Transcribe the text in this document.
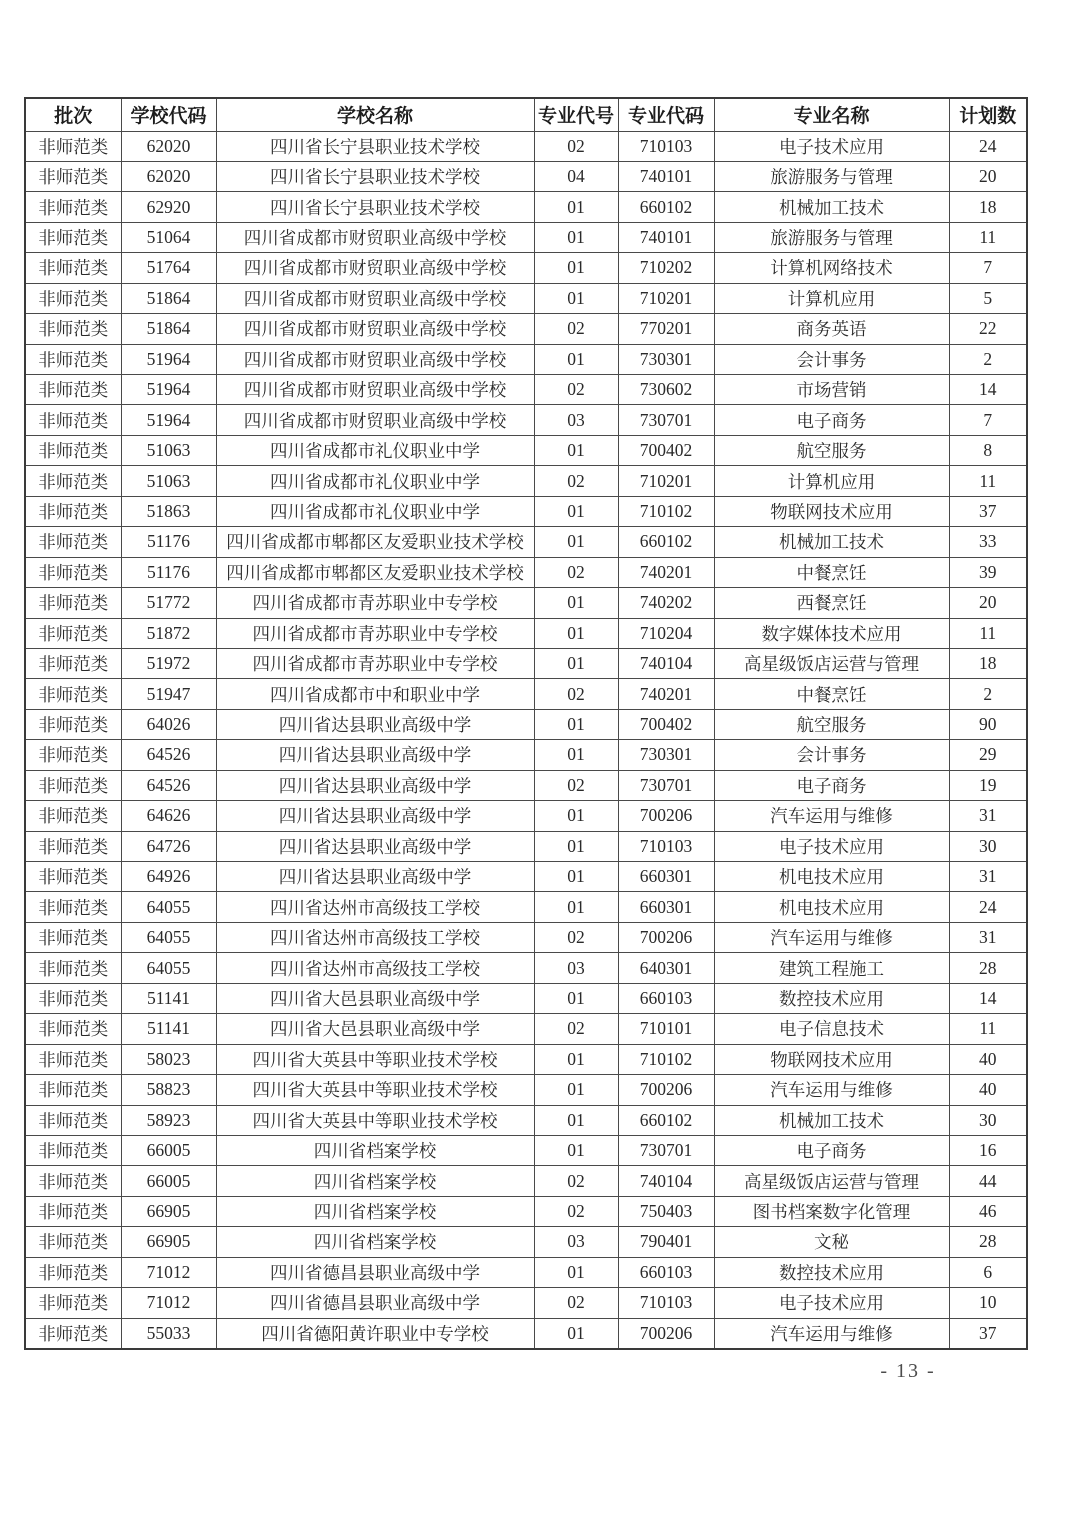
批次	学校代码	学校名称	专业代号	专业代码	专业名称	计划数
非师范类	62020	四川省长宁县职业技术学校	02	710103	电子技术应用	24
非师范类	62020	四川省长宁县职业技术学校	04	740101	旅游服务与管理	20
非师范类	62920	四川省长宁县职业技术学校	01	660102	机械加工技术	18
非师范类	51064	四川省成都市财贸职业高级中学校	01	740101	旅游服务与管理	11
非师范类	51764	四川省成都市财贸职业高级中学校	01	710202	计算机网络技术	7
非师范类	51864	四川省成都市财贸职业高级中学校	01	710201	计算机应用	5
非师范类	51864	四川省成都市财贸职业高级中学校	02	770201	商务英语	22
非师范类	51964	四川省成都市财贸职业高级中学校	01	730301	会计事务	2
非师范类	51964	四川省成都市财贸职业高级中学校	02	730602	市场营销	14
非师范类	51964	四川省成都市财贸职业高级中学校	03	730701	电子商务	7
非师范类	51063	四川省成都市礼仪职业中学	01	700402	航空服务	8
非师范类	51063	四川省成都市礼仪职业中学	02	710201	计算机应用	11
非师范类	51863	四川省成都市礼仪职业中学	01	710102	物联网技术应用	37
非师范类	51176	四川省成都市郫都区友爱职业技术学校	01	660102	机械加工技术	33
非师范类	51176	四川省成都市郫都区友爱职业技术学校	02	740201	中餐烹饪	39
非师范类	51772	四川省成都市青苏职业中专学校	01	740202	西餐烹饪	20
非师范类	51872	四川省成都市青苏职业中专学校	01	710204	数字媒体技术应用	11
非师范类	51972	四川省成都市青苏职业中专学校	01	740104	高星级饭店运营与管理	18
非师范类	51947	四川省成都市中和职业中学	02	740201	中餐烹饪	2
非师范类	64026	四川省达县职业高级中学	01	700402	航空服务	90
非师范类	64526	四川省达县职业高级中学	01	730301	会计事务	29
非师范类	64526	四川省达县职业高级中学	02	730701	电子商务	19
非师范类	64626	四川省达县职业高级中学	01	700206	汽车运用与维修	31
非师范类	64726	四川省达县职业高级中学	01	710103	电子技术应用	30
非师范类	64926	四川省达县职业高级中学	01	660301	机电技术应用	31
非师范类	64055	四川省达州市高级技工学校	01	660301	机电技术应用	24
非师范类	64055	四川省达州市高级技工学校	02	700206	汽车运用与维修	31
非师范类	64055	四川省达州市高级技工学校	03	640301	建筑工程施工	28
非师范类	51141	四川省大邑县职业高级中学	01	660103	数控技术应用	14
非师范类	51141	四川省大邑县职业高级中学	02	710101	电子信息技术	11
非师范类	58023	四川省大英县中等职业技术学校	01	710102	物联网技术应用	40
非师范类	58823	四川省大英县中等职业技术学校	01	700206	汽车运用与维修	40
非师范类	58923	四川省大英县中等职业技术学校	01	660102	机械加工技术	30
非师范类	66005	四川省档案学校	01	730701	电子商务	16
非师范类	66005	四川省档案学校	02	740104	高星级饭店运营与管理	44
非师范类	66905	四川省档案学校	02	750403	图书档案数字化管理	46
非师范类	66905	四川省档案学校	03	790401	文秘	28
非师范类	71012	四川省德昌县职业高级中学	01	660103	数控技术应用	6
非师范类	71012	四川省德昌县职业高级中学	02	710103	电子技术应用	10
非师范类	55033	四川省德阳黄许职业中专学校	01	700206	汽车运用与维修	37
- 13 -
